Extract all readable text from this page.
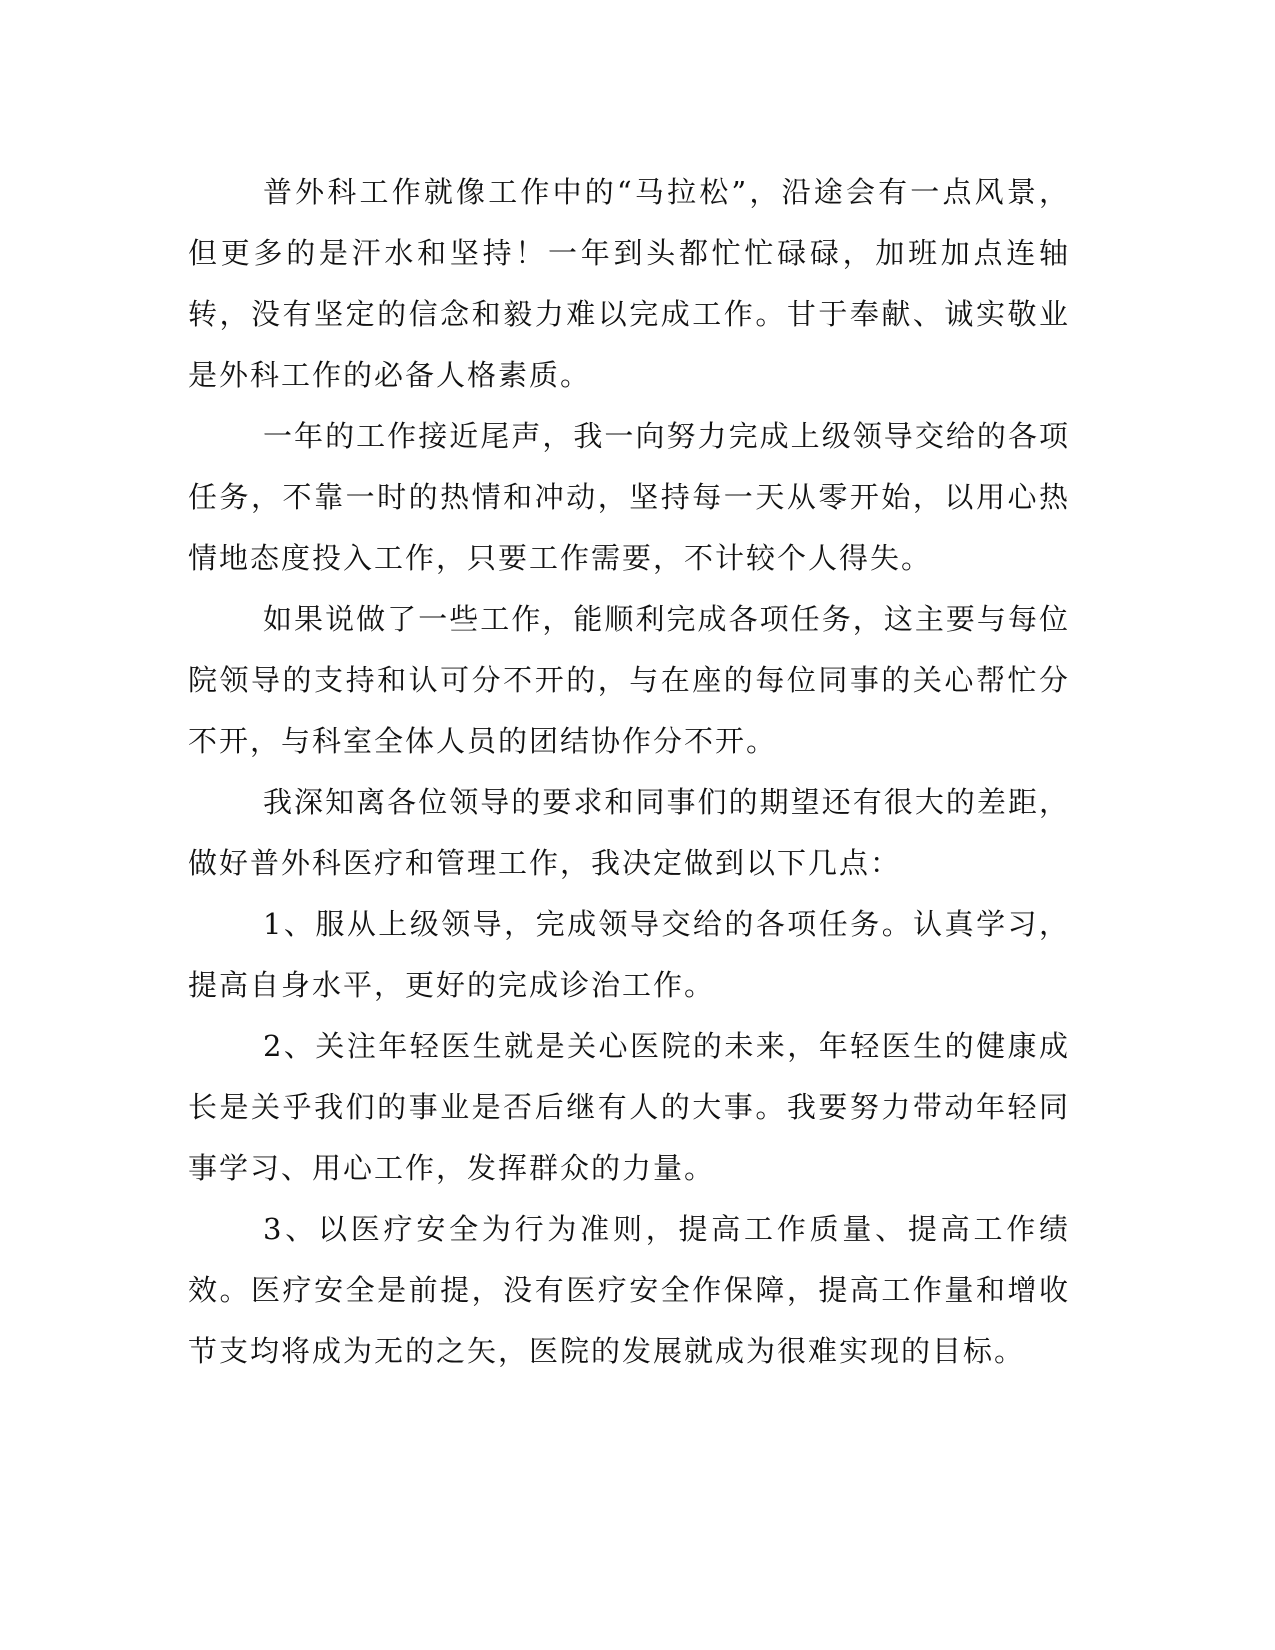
普外科工作就像工作中的“马拉松”，沿途会有一点风景，但更多的是汗水和坚持！一年到头都忙忙碌碌，加班加点连轴转，没有坚定的信念和毅力难以完成工作。甘于奉献、诚实敬业是外科工作的必备人格素质。

一年的工作接近尾声，我一向努力完成上级领导交给的各项任务，不靠一时的热情和冲动，坚持每一天从零开始，以用心热情地态度投入工作，只要工作需要，不计较个人得失。

如果说做了一些工作，能顺利完成各项任务，这主要与每位院领导的支持和认可分不开的，与在座的每位同事的关心帮忙分不开，与科室全体人员的团结协作分不开。

我深知离各位领导的要求和同事们的期望还有很大的差距，做好普外科医疗和管理工作，我决定做到以下几点：

1、服从上级领导，完成领导交给的各项任务。认真学习，提高自身水平，更好的完成诊治工作。

2、关注年轻医生就是关心医院的未来，年轻医生的健康成长是关乎我们的事业是否后继有人的大事。我要努力带动年轻同事学习、用心工作，发挥群众的力量。

3、以医疗安全为行为准则，提高工作质量、提高工作绩效。医疗安全是前提，没有医疗安全作保障，提高工作量和增收节支均将成为无的之矢，医院的发展就成为很难实现的目标。
